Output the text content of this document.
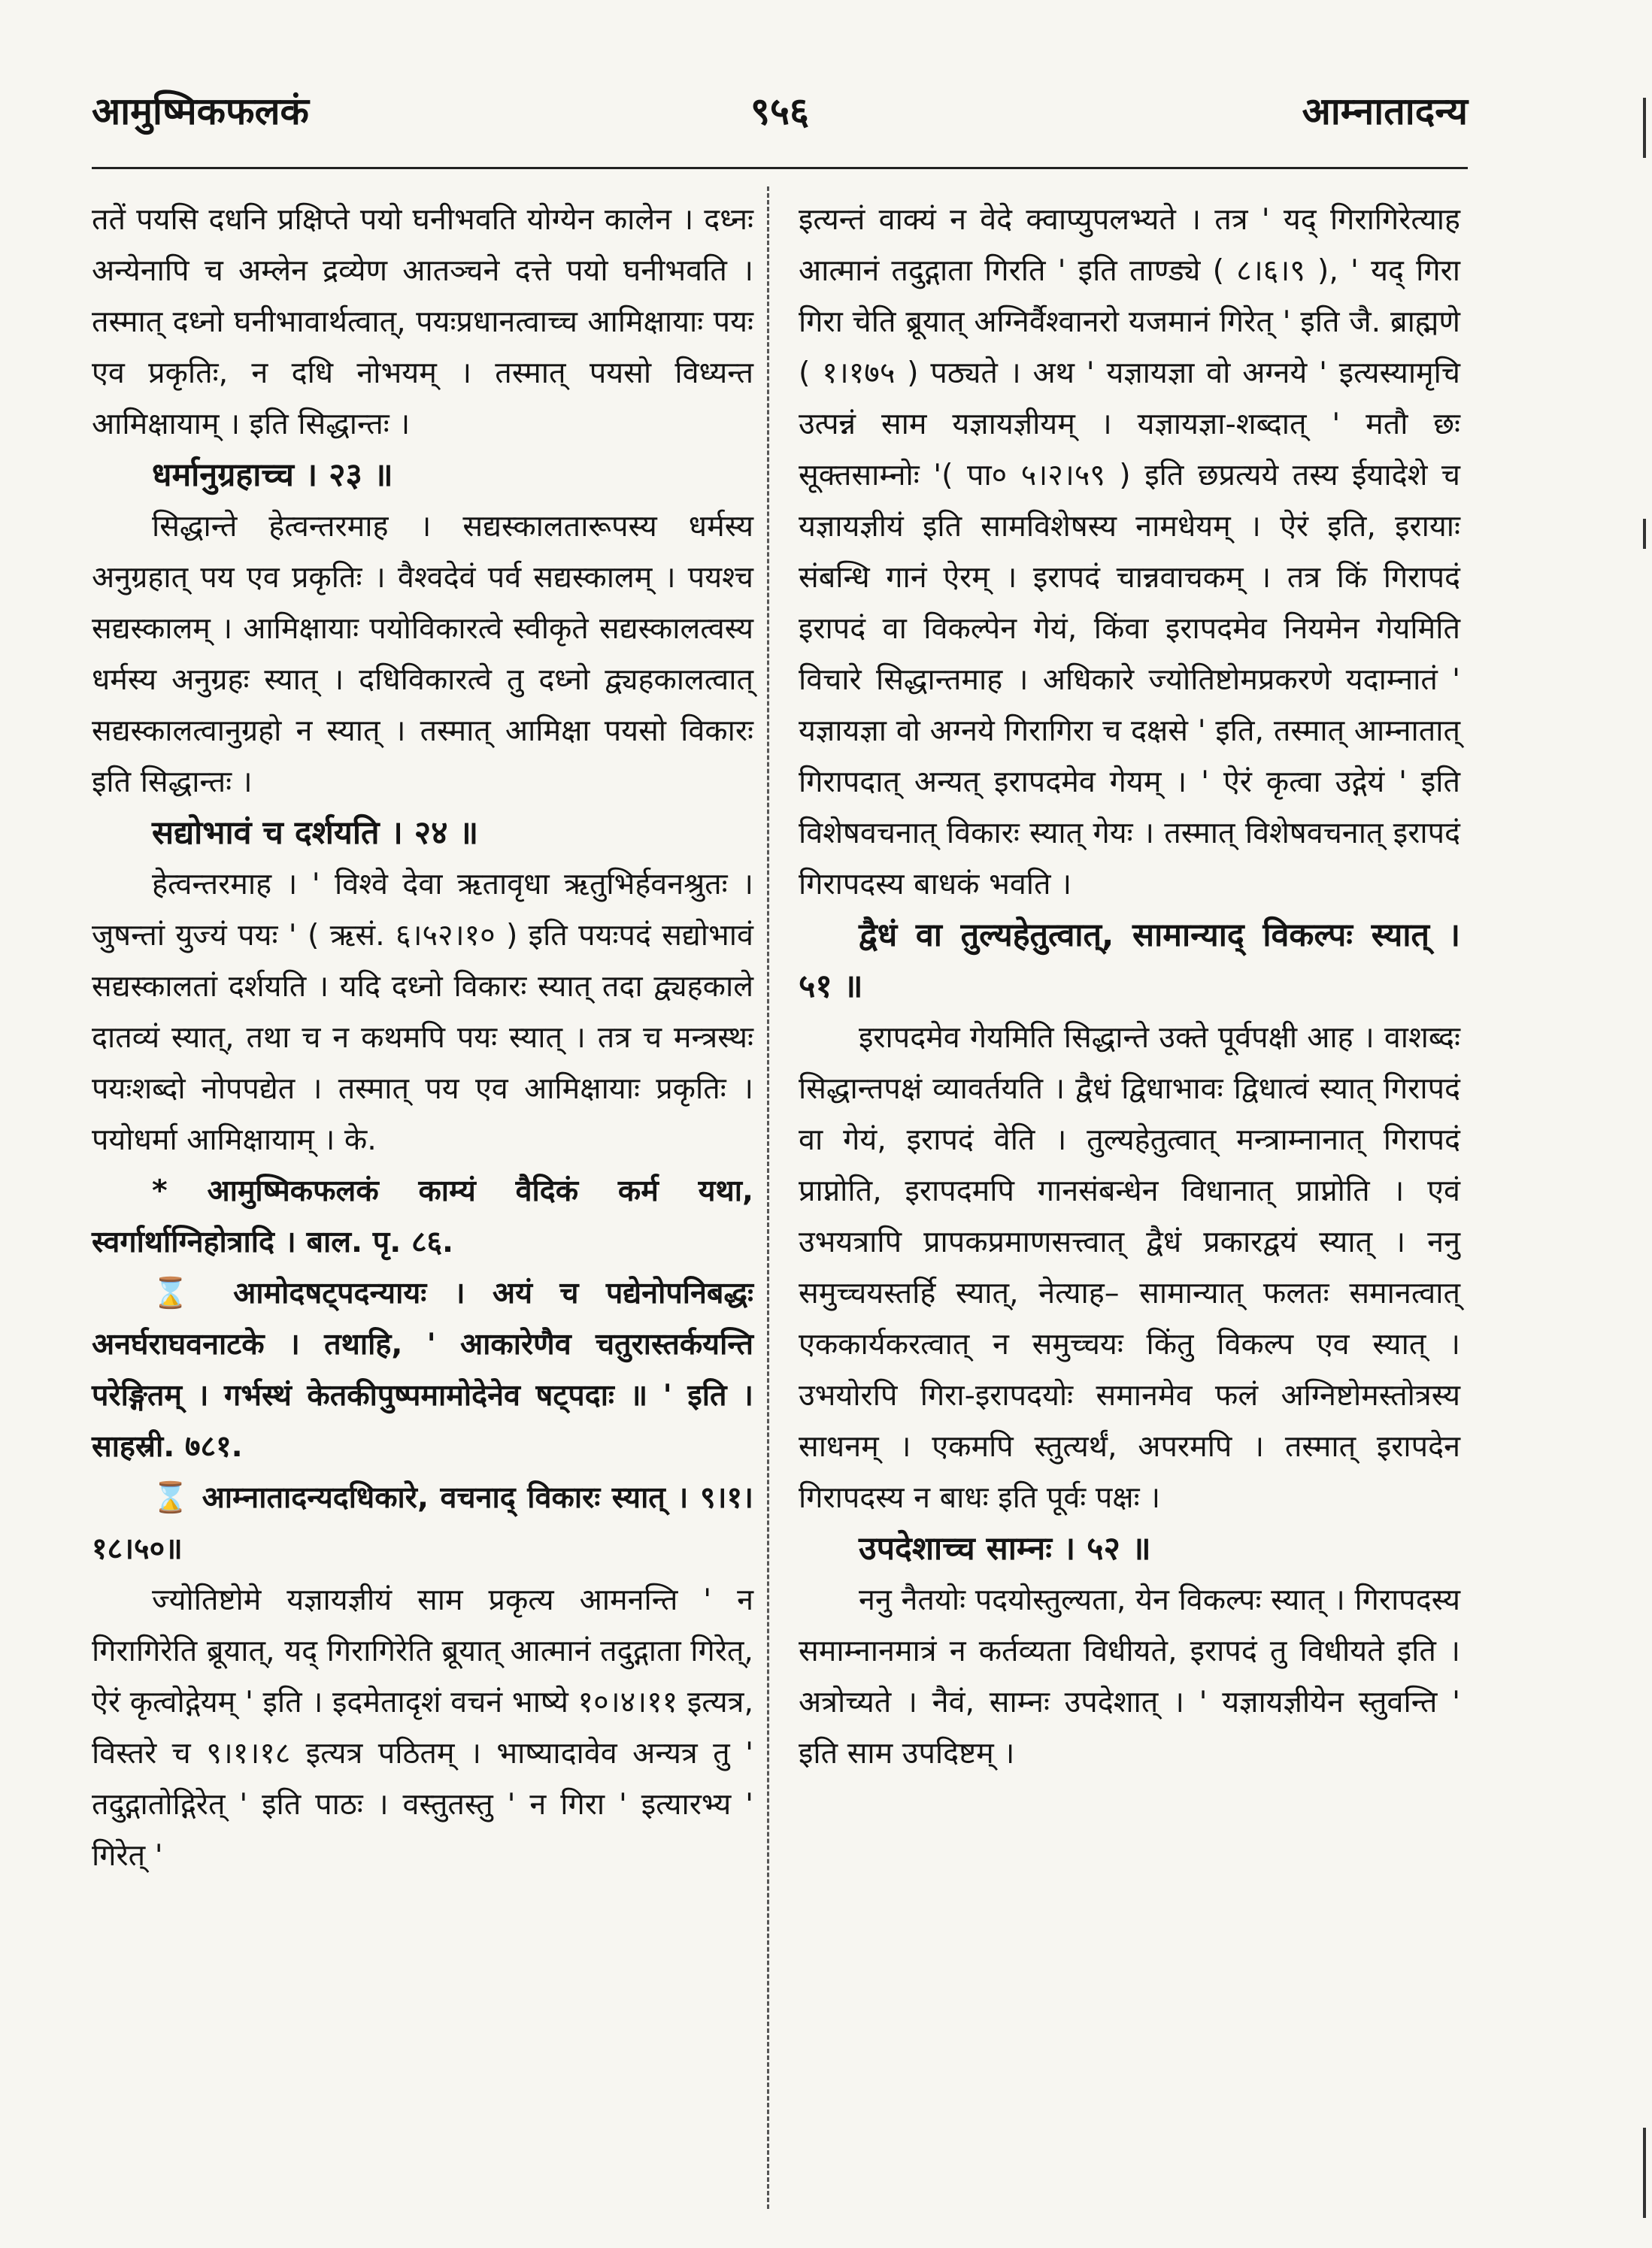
९५६
आमुष्मिकफलकं	आम्नातादन्य

ततें पयसि दधनि प्रक्षिप्ते पयो घनीभवति योग्येन कालेन । दध्नः अन्येनापि च अम्लेन द्रव्येण आतञ्चने दत्ते पयो घनीभवति । तस्मात् दध्नो घनीभावार्थत्वात्, पयःप्रधानत्वाच्च आमिक्षायाः पयः एव प्रकृतिः, न दधि नोभयम् । तस्मात् पयसो विध्यन्त आमिक्षायाम् । इति सिद्धान्तः ।

धर्मानुग्रहाच्च । २३ ॥

सिद्धान्ते हेत्वन्तरमाह । सद्यस्कालतारूपस्य धर्मस्य अनुग्रहात् पय एव प्रकृतिः । वैश्वदेवं पर्व सद्यस्कालम् । पयश्च सद्यस्कालम् । आमिक्षायाः पयोविकारत्वे स्वीकृते सद्यस्कालत्वस्य धर्मस्य अनुग्रहः स्यात् । दधिविकारत्वे तु दध्नो द्व्यहकालत्वात् सद्यस्कालत्वानुग्रहो न स्यात् । तस्मात् आमिक्षा पयसो विकारः इति सिद्धान्तः ।

सद्योभावं च दर्शयति । २४ ॥

हेत्वन्तरमाह । ' विश्वे देवा ऋतावृधा ऋतुभिर्हवनश्रुतः । जुषन्तां युज्यं पयः ' ( ऋसं. ६।५२।१० ) इति पयःपदं सद्योभावं सद्यस्कालतां दर्शयति । यदि दध्नो विकारः स्यात् तदा द्व्यहकाले दातव्यं स्यात्, तथा च न कथमपि पयः स्यात् । तत्र च मन्त्रस्थः पयःशब्दो नोपपद्येत । तस्मात् पय एव आमिक्षायाः प्रकृतिः । पयोधर्मा आमिक्षायाम् । के.

* आमुष्मिकफलकं काम्यं वैदिकं कर्म यथा, स्वर्गार्थाग्निहोत्रादि । बाल. पृ. ८६.

⌛ आमोदषट्पदन्यायः । अयं च पद्येनोपनिबद्धः अनर्घराघवनाटके । तथाहि, ' आकारेणैव चतुरास्तर्कयन्ति परेङ्गितम् । गर्भस्थं केतकीपुष्पमामोदेनेव षट्पदाः ॥ ' इति । साहस्री. ७८१.

⌛ आम्नातादन्यदधिकारे, वचनाद् विकारः स्यात् । ९।१।१८।५०॥

ज्योतिष्टोमे यज्ञायज्ञीयं साम प्रकृत्य आमनन्ति ' न गिरागिरेति ब्रूयात्, यद् गिरागिरेति ब्रूयात् आत्मानं तदुद्गाता गिरेत्, ऐरं कृत्वोद्गेयम् ' इति । इदमेतादृशं वचनं भाष्ये १०।४।११ इत्यत्र, विस्तरे च ९।१।१८ इत्यत्र पठितम् । भाष्यादावेव अन्यत्र तु ' तदुद्गातोद्गिरेत् ' इति पाठः । वस्तुतस्तु ' न गिरा ' इत्यारभ्य ' गिरेत् '

इत्यन्तं वाक्यं न वेदे क्वाप्युपलभ्यते । तत्र ' यद् गिरागिरेत्याह आत्मानं तदुद्गाता गिरति ' इति ताण्ड्ये ( ८।६।९ ), ' यद् गिरा गिरा चेति ब्रूयात् अग्निर्वैश्वानरो यजमानं गिरेत् ' इति जै. ब्राह्मणे ( १।१७५ ) पठ्यते । अथ ' यज्ञायज्ञा वो अग्नये ' इत्यस्यामृचि उत्पन्नं साम यज्ञायज्ञीयम् । यज्ञायज्ञा-शब्दात् ' मतौ छः सूक्तसाम्नोः '( पा० ५।२।५९ ) इति छप्रत्यये तस्य ईयादेशे च यज्ञायज्ञीयं इति सामविशेषस्य नामधेयम् । ऐरं इति, इरायाः संबन्धि गानं ऐरम् । इरापदं चान्नवाचकम् । तत्र किं गिरापदं इरापदं वा विकल्पेन गेयं, किंवा इरापदमेव नियमेन गेयमिति विचारे सिद्धान्तमाह । अधिकारे ज्योतिष्टोमप्रकरणे यदाम्नातं ' यज्ञायज्ञा वो अग्नये गिरागिरा च दक्षसे ' इति, तस्मात् आम्नातात् गिरापदात् अन्यत् इरापदमेव गेयम् । ' ऐरं कृत्वा उद्गेयं ' इति विशेषवचनात् विकारः स्यात् गेयः । तस्मात् विशेषवचनात् इरापदं गिरापदस्य बाधकं भवति ।

द्वैधं वा तुल्यहेतुत्वात्, सामान्याद् विकल्पः स्यात् । ५१ ॥

इरापदमेव गेयमिति सिद्धान्ते उक्ते पूर्वपक्षी आह । वाशब्दः सिद्धान्तपक्षं व्यावर्तयति । द्वैधं द्विधाभावः द्विधात्वं स्यात् गिरापदं वा गेयं, इरापदं वेति । तुल्यहेतुत्वात् मन्त्राम्नानात् गिरापदं प्राप्नोति, इरापदमपि गानसंबन्धेन विधानात् प्राप्नोति । एवं उभयत्रापि प्रापकप्रमाणसत्त्वात् द्वैधं प्रकारद्वयं स्यात् । ननु समुच्चयस्तर्हि स्यात्, नेत्याह– सामान्यात् फलतः समानत्वात् एककार्यकरत्वात् न समुच्चयः किंतु विकल्प एव स्यात् । उभयोरपि गिरा-इरापदयोः समानमेव फलं अग्निष्टोमस्तोत्रस्य साधनम् । एकमपि स्तुत्यर्थं, अपरमपि । तस्मात् इरापदेन गिरापदस्य न बाधः इति पूर्वः पक्षः ।

उपदेशाच्च साम्नः । ५२ ॥

ननु नैतयोः पदयोस्तुल्यता, येन विकल्पः स्यात् । गिरापदस्य समाम्नानमात्रं न कर्तव्यता विधीयते, इरापदं तु विधीयते इति । अत्रोच्यते । नैवं, साम्नः उपदेशात् । ' यज्ञायज्ञीयेन स्तुवन्ति ' इति साम उपदिष्टम् ।
